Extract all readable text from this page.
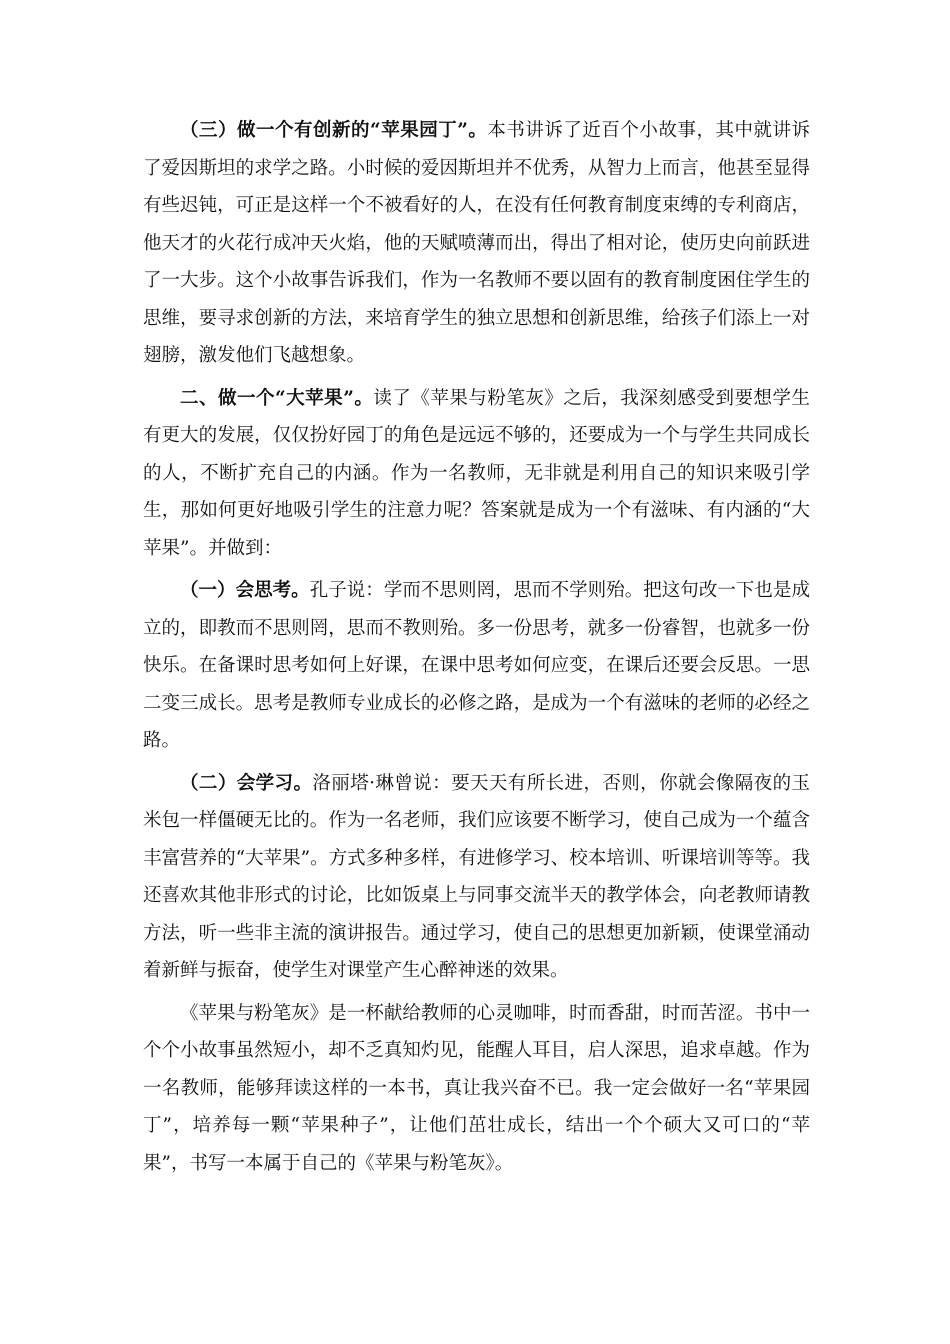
（三）做一个有创新的“苹果园丁”。本书讲诉了近百个小故事，其中就讲诉了爱因斯坦的求学之路。小时候的爱因斯坦并不优秀，从智力上而言，他甚至显得有些迟钝，可正是这样一个不被看好的人，在没有任何教育制度束缚的专利商店，他天才的火花行成冲天火焰，他的天赋喷薄而出，得出了相对论，使历史向前跃进了一大步。这个小故事告诉我们，作为一名教师不要以固有的教育制度困住学生的思维，要寻求创新的方法，来培育学生的独立思想和创新思维，给孩子们添上一对翅膀，激发他们飞越想象。

二、做一个“大苹果”。读了《苹果与粉笔灰》之后，我深刻感受到要想学生有更大的发展，仅仅扮好园丁的角色是远远不够的，还要成为一个与学生共同成长的人，不断扩充自己的内涵。作为一名教师，无非就是利用自己的知识来吸引学生，那如何更好地吸引学生的注意力呢？答案就是成为一个有滋味、有内涵的“大苹果”。并做到：

（一）会思考。孔子说：学而不思则罔，思而不学则殆。把这句改一下也是成立的，即教而不思则罔，思而不教则殆。多一份思考，就多一份睿智，也就多一份快乐。在备课时思考如何上好课，在课中思考如何应变，在课后还要会反思。一思二变三成长。思考是教师专业成长的必修之路，是成为一个有滋味的老师的必经之路。

（二）会学习。洛丽塔·琳曾说：要天天有所长进，否则，你就会像隔夜的玉米包一样僵硬无比的。作为一名老师，我们应该要不断学习，使自己成为一个蕴含丰富营养的“大苹果”。方式多种多样，有进修学习、校本培训、听课培训等等。我还喜欢其他非形式的讨论，比如饭桌上与同事交流半天的教学体会，向老教师请教方法，听一些非主流的演讲报告。通过学习，使自己的思想更加新颖，使课堂涌动着新鲜与振奋，使学生对课堂产生心醉神迷的效果。

《苹果与粉笔灰》是一杯献给教师的心灵咖啡，时而香甜，时而苦涩。书中一个个小故事虽然短小，却不乏真知灼见，能醒人耳目，启人深思，追求卓越。作为一名教师，能够拜读这样的一本书，真让我兴奋不已。我一定会做好一名“苹果园丁”，培养每一颗“苹果种子”，让他们茁壮成长，结出一个个硕大又可口的“苹果”，书写一本属于自己的《苹果与粉笔灰》。
